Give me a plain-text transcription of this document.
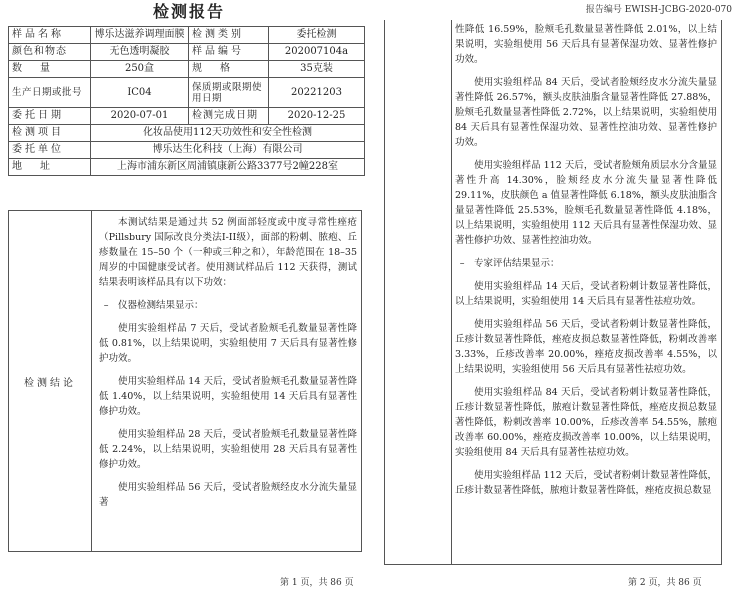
检测报告
样品名称	博乐达滋养调理面膜	检测类别	委托检测
颜色和物态	无色透明凝胶	样品编号	202007104a
数量	250盒	规格	35克装
生产日期或批号	IC04	保质期或限期使用日期	20221203
委托日期	2020-07-01	检测完成日期	2020-12-25
检测项目	化妆品使用112天功效性和安全性检测		
委托单位	博乐达生化科技（上海）有限公司		
地址	上海市浦东新区周浦镇康新公路3377号2幢228室		
检测结论

本测试结果是通过共 52 例面部轻度或中度寻常性痤疮（Pillsbury 国际改良分类法I-II级），面部的粉刺、脓疱、丘疹数量在 15–50 个（一种或三种之和），年龄范围在 18–35 周岁的中国健康受试者。使用测试样品后 112 天获得，测试结果表明该样品具有以下功效：

–　仪器检测结果显示：

使用实验组样品 7 天后，受试者脸颊毛孔数量显著性降低 0.81%，以上结果说明，实验组使用 7 天后具有显著性修护功效。

使用实验组样品 14 天后，受试者脸颊毛孔数量显著性降低 1.40%，以上结果说明，实验组使用 14 天后具有显著性修护功效。

使用实验组样品 28 天后，受试者脸颊毛孔数量显著性降低 2.24%，以上结果说明，实验组使用 28 天后具有显著性修护功效。

使用实验组样品 56 天后，受试者脸颊经皮水分流失量显著

第 1 页，共 86 页
报告编号 EWISH-JCBG-2020-070

性降低 16.59%，脸颊毛孔数量显著性降低 2.01%，以上结果说明，实验组使用 56 天后具有显著保湿功效、显著性修护功效。

使用实验组样品 84 天后，受试者脸颊经皮水分流失量显著性降低 26.57%，额头皮肤油脂含量显著性降低 27.88%，脸颊毛孔数量显著性降低 2.72%，以上结果说明，实验组使用 84 天后具有显著性保湿功效、显著性控油功效、显著性修护功效。

使用实验组样品 112 天后，受试者脸颊角质层水分含量显著性升高 14.30%，脸颊经皮水分流失量显著性降低 29.11%，皮肤颜色 a 值显著性降低 6.18%，额头皮肤油脂含量显著性降低 25.53%，脸颊毛孔数量显著性降低 4.18%，以上结果说明，实验组使用 112 天后具有显著性保湿功效、显著性修护功效、显著性控油功效。

–　专家评估结果显示：

使用实验组样品 14 天后，受试者粉刺计数显著性降低，以上结果说明，实验组使用 14 天后具有显著性祛痘功效。

使用实验组样品 56 天后，受试者粉刺计数显著性降低，丘疹计数显著性降低，痤疮皮损总数显著性降低，粉刺改善率 3.33%，丘疹改善率 20.00%，痤疮皮损改善率 4.55%，以上结果说明，实验组使用 56 天后具有显著性祛痘功效。

使用实验组样品 84 天后，受试者粉刺计数显著性降低，丘疹计数显著性降低，脓疱计数显著性降低，痤疮皮损总数显著性降低，粉刺改善率 10.00%，丘疹改善率 54.55%，脓疱改善率 60.00%，痤疮皮损改善率 10.00%，以上结果说明，实验组使用 84 天后具有显著性祛痘功效。

使用实验组样品 112 天后，受试者粉刺计数显著性降低，丘疹计数显著性降低，脓疱计数显著性降低，痤疮皮损总数显

第 2 页，共 86 页
